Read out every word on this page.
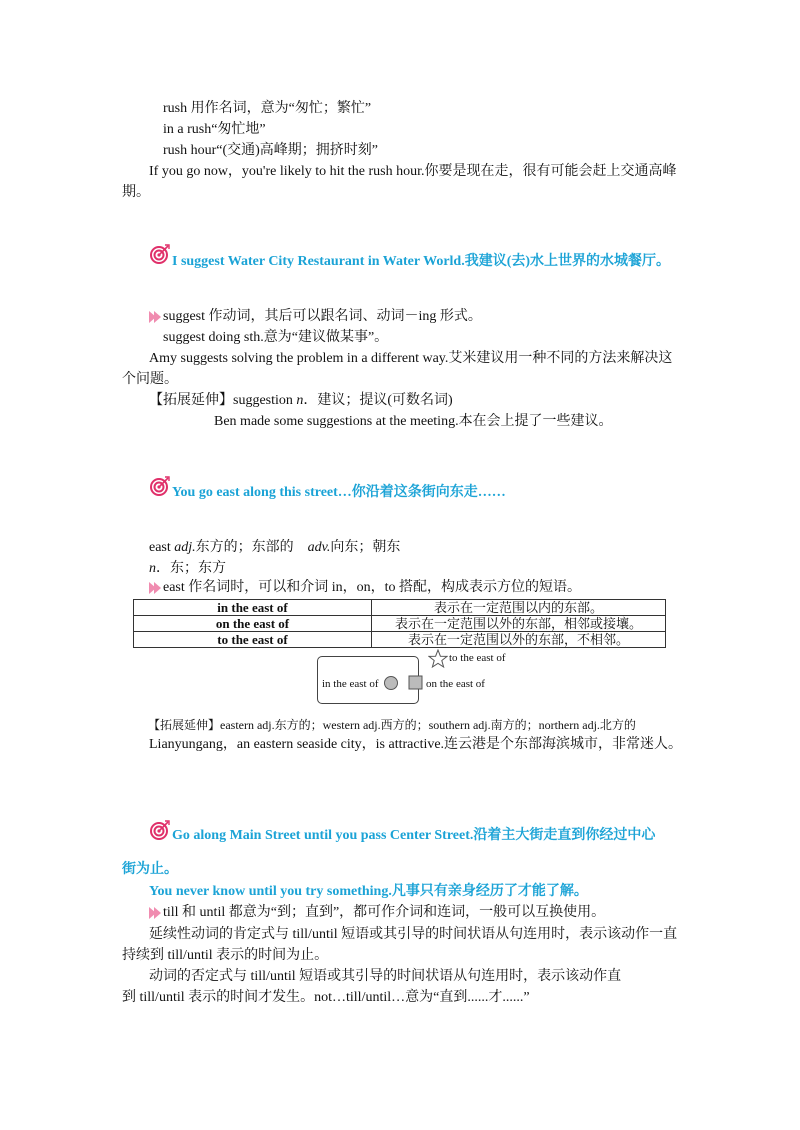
rush 用作名词，意为“匆忙；繁忙”
in a rush“匆忙地”
rush hour“(交通)高峰期；拥挤时刻”
If you go now，you're likely to hit the rush hour.你要是现在走，很有可能会赶上交通高峰
期。
I suggest Water City Restaurant in Water World.我建议(去)水上世界的水城餐厅。
suggest 作动词，其后可以跟名词、动词－ing 形式。
suggest doing sth.意为“建议做某事”。
Amy suggests solving the problem in a different way.艾米建议用一种不同的方法来解决这
个问题。
【拓展延伸】suggestion n．建议；提议(可数名词)
Ben made some suggestions at the meeting.本在会上提了一些建议。
You go east along this street…你沿着这条街向东走……
east adj.东方的；东部的　adv.向东；朝东
n．东；东方
east 作名词时，可以和介词 in，on，to 搭配，构成表示方位的短语。
in the east of	表示在一定范围以内的东部。
on the east of	表示在一定范围以外的东部，相邻或接壤。
to the east of	表示在一定范围以外的东部，不相邻。
in the east of	on the east of
to the east of
【拓展延伸】eastern adj.东方的；western adj.西方的；southern adj.南方的；northern adj.北方的
Lianyungang，an eastern seaside city，is attractive.连云港是个东部海滨城市，非常迷人。
Go along Main Street until you pass Center Street.沿着主大街走直到你经过中心
街为止。
You never know until you try something.凡事只有亲身经历了才能了解。
till 和 until 都意为“到；直到”，都可作介词和连词，一般可以互换使用。
延续性动词的肯定式与 till/until 短语或其引导的时间状语从句连用时，表示该动作一直
持续到 till/until 表示的时间为止。
动词的否定式与 till/until 短语或其引导的时间状语从句连用时，表示该动作直
到 till/until 表示的时间才发生。not…till/until…意为“直到......才......”
